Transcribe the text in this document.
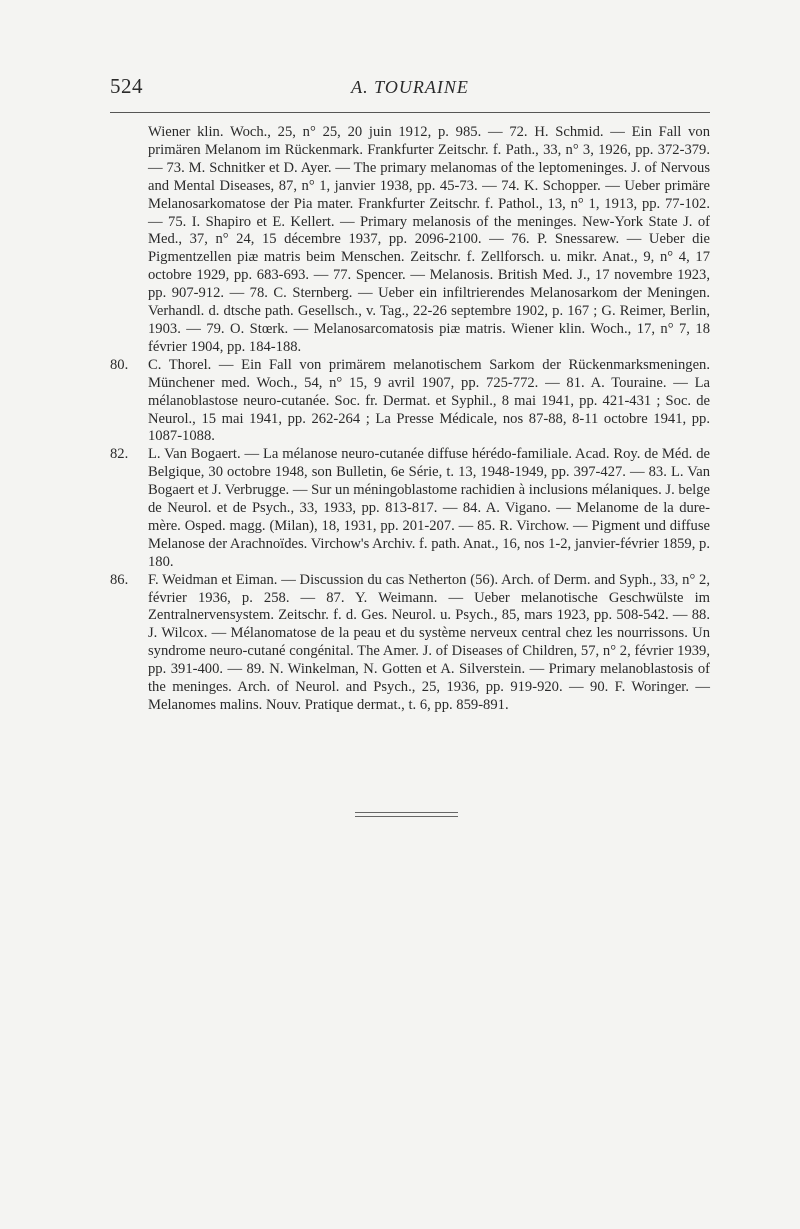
524	A. TOURAINE

Wiener klin. Woch., 25, n° 25, 20 juin 1912, p. 985. — 72. H. Schmid. — Ein Fall von primären Melanom im Rückenmark. Frankfurter Zeitschr. f. Path., 33, n° 3, 1926, pp. 372-379. — 73. M. Schnitker et D. Ayer. — The primary melanomas of the leptomeninges. J. of Nervous and Mental Diseases, 87, n° 1, janvier 1938, pp. 45-73. — 74. K. Schopper. — Ueber primäre Melanosarkomatose der Pia mater. Frankfurter Zeitschr. f. Pathol., 13, n° 1, 1913, pp. 77-102. — 75. I. Shapiro et E. Kellert. — Primary melanosis of the meninges. New-York State J. of Med., 37, n° 24, 15 décembre 1937, pp. 2096-2100. — 76. P. Snessarew. — Ueber die Pigmentzellen piæ matris beim Menschen. Zeitschr. f. Zellforsch. u. mikr. Anat., 9, n° 4, 17 octobre 1929, pp. 683-693. — 77. Spencer. — Melanosis. British Med. J., 17 novembre 1923, pp. 907-912. — 78. C. Sternberg. — Ueber ein infiltrierendes Melanosarkom der Meningen. Verhandl. d. dtsche path. Gesellsch., v. Tag., 22-26 septembre 1902, p. 167 ; G. Reimer, Berlin, 1903. — 79. O. Stœrk. — Melanosarcomatosis piæ matris. Wiener klin. Woch., 17, n° 7, 18 février 1904, pp. 184-188.

80. C. Thorel. — Ein Fall von primärem melanotischem Sarkom der Rückenmarksmeningen. Münchener med. Woch., 54, n° 15, 9 avril 1907, pp. 725-772. — 81. A. Touraine. — La mélanoblastose neuro-cutanée. Soc. fr. Dermat. et Syphil., 8 mai 1941, pp. 421-431 ; Soc. de Neurol., 15 mai 1941, pp. 262-264 ; La Presse Médicale, nos 87-88, 8-11 octobre 1941, pp. 1087-1088.
82. L. Van Bogaert. — La mélanose neuro-cutanée diffuse hérédo-familiale. Acad. Roy. de Méd. de Belgique, 30 octobre 1948, son Bulletin, 6e Série, t. 13, 1948-1949, pp. 397-427. — 83. L. Van Bogaert et J. Verbrugge. — Sur un méningoblastome rachidien à inclusions mélaniques. J. belge de Neurol. et de Psych., 33, 1933, pp. 813-817. — 84. A. Vigano. — Melanome de la dure-mère. Osped. magg. (Milan), 18, 1931, pp. 201-207. — 85. R. Virchow. — Pigment und diffuse Melanose der Arachnoïdes. Virchow's Archiv. f. path. Anat., 16, nos 1-2, janvier-février 1859, p. 180.
86. F. Weidman et Eiman. — Discussion du cas Netherton (56). Arch. of Derm. and Syph., 33, n° 2, février 1936, p. 258. — 87. Y. Weimann. — Ueber melanotische Geschwülste im Zentralnervensystem. Zeitschr. f. d. Ges. Neurol. u. Psych., 85, mars 1923, pp. 508-542. — 88. J. Wilcox. — Mélanomatose de la peau et du système nerveux central chez les nourrissons. Un syndrome neuro-cutané congénital. The Amer. J. of Diseases of Children, 57, n° 2, février 1939, pp. 391-400. — 89. N. Winkelman, N. Gotten et A. Silverstein. — Primary melanoblastosis of the meninges. Arch. of Neurol. and Psych., 25, 1936, pp. 919-920. — 90. F. Woringer. — Melanomes malins. Nouv. Pratique dermat., t. 6, pp. 859-891.
